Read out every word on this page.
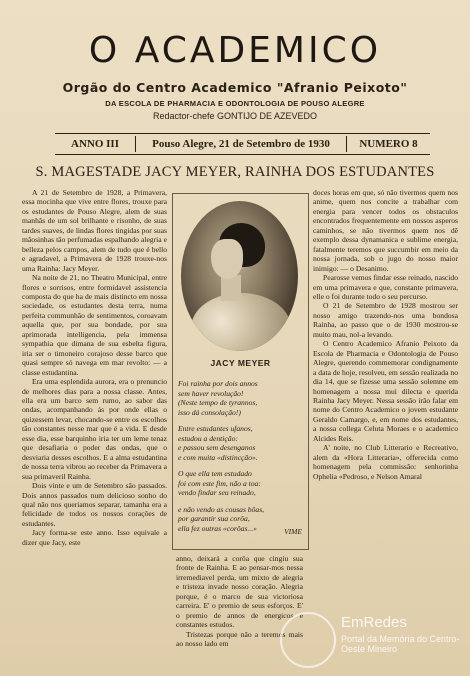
O ACADEMICO
Orgão do Centro Academico "Afranio Peixoto"
DA ESCOLA DE PHARMACIA E ODONTOLOGIA DE POUSO ALEGRE
Redactor-chefe GONTIJO DE AZEVEDO
ANNO III	Pouso Alegre, 21 de Setembro de 1930	NUMERO 8
S. MAGESTADE JACY MEYER, RAINHA DOS ESTUDANTES

A 21 de Setembro de 1928, a Primavera, essa mocinha que vive entre flores, trouxe para os estudantes de Pouso Alegre, alem de suas manhãs de um sol brilhante e risonho, de suas tardes suaves, de lindas flores tingidas por suas mãosinhas tão perfumadas espalhando alegria e belleza pelos campos, alem de tudo que é bello e agradavel, a Primavera de 1928 trouxe-nos uma Rainha: Jacy Meyer.

Na noite de 21, no Theatro Municipal, entre flores e sorrisos, entre formidavel assistencia composta do que ha de mais distincto em nossa sociedade, os estudantes desta terra, numa perfeita communhão de sentimentos, coroavam aquella que, por sua bondade, por sua aprimorada intelligencia, pela immensa sympathia que dimana de sua esbelta figura, iria ser o timoneiro corajoso desse barco que quasi sempre só navega em mar revolto: — a classe estudantina.

Era uma esplendida aurora, era o prenuncio de melhores dias para a nossa classe. Antes, ella era um barco sem rumo, ao sabor das ondas, acompanhando ás por onde ellas o quizessem levar, chocando-se entre os escolhos tão constantes nesse mar que é a vida. E desde esse dia, esse barquinho iria ter um leme tenaz que desafiaria o poder das ondas, que o desviaria desses escolhos. E a alma estudantina de nossa terra vibrou ao receber da Primavera a sua primaveril Rainha.

Dois vinte e um de Setembro são passados. Dois annos passados num delicioso sonho do qual não nos queriamos separar, tamanha era a felicidade de todos os nossos corações de estudantes.

Jacy forma-se este anno. Isso equivale a dizer que Jacy, este

JACY MEYER
Foi rainha por dois annos
sem haver revolução!
(Neste tempo de tyrannos,
isso dá consolação!)
Entre estudantes ufanos,
estudou a dentição:
e passou sem desenganos
e com muita «distincção».
O que ella tem estudado
foi com este fim, não a toa:
vendo findar seu reinado,
e não vendo as cousas bôas,
por garantir sua corôa,
ella fez outras «corôas...»	VIME

anno, deixará a corôa que cingiu sua fronte de Rainha. E ao pensar-mos nessa irremediavel perda, um mixto de alegria e tristeza invade nosso coração. Alegria porque, é o marco de sua victoriosa carreira. E' o premio de seus esforços. E' o premio de annos de energicos e constantes estudos.

Tristezas porque não a teremos mais ao nosso lado em

doces horas em que, só não tivermos quem nos anime, quem nos concite a trabalhar com energia para vencer todos os obstaculos encontrados frequentemente em nossos asperos caminhos, se não tivermos quem nos dê exemplo dessa dynamanica e sublime energia, fatalmente teremos que succumbir em meio da nossa jornada, sob o jugo do nosso maior inimigo: — o Desanimo.

Pearosse vemos findar esse reinado, nascido em uma primavera e que, constante primavera, elle o foi durante todo o seu percurso.

O 21 de Setembro de 1928 mostrou ser nosso amigo trazendo-nos uma bondosa Rainha, ao passo que o de 1930 mostrou-se muito mau, nol-a levando.

O Centro Academico Afranio Peixoto da Escola de Pharmacia e Odontologia de Pouso Alegre, querendo commemorar condignamente a data de hoje, resolveu, em sessão realizada no dia 14, que se fizesse uma sessão solemne em homenagem a nossa mui dilecta e querida Rainha Jacy Meyer. Nessa sessão irão falar em nome do Centro Academico o jovem estudante Geraldo Camargo, e, em nome dos estudantes, a nossa collega Celuta Moraes e o academico Alcides Reis.

A' noite, no Club Litterario e Recreativo, alem da «Hora Litteraria», offerecida como homenagem pela commissão: senhorinha Ophelia «Pedroso, e Nelson Amaral

EmRedes
Portal da Memória do Centro-Oeste Mineiro
